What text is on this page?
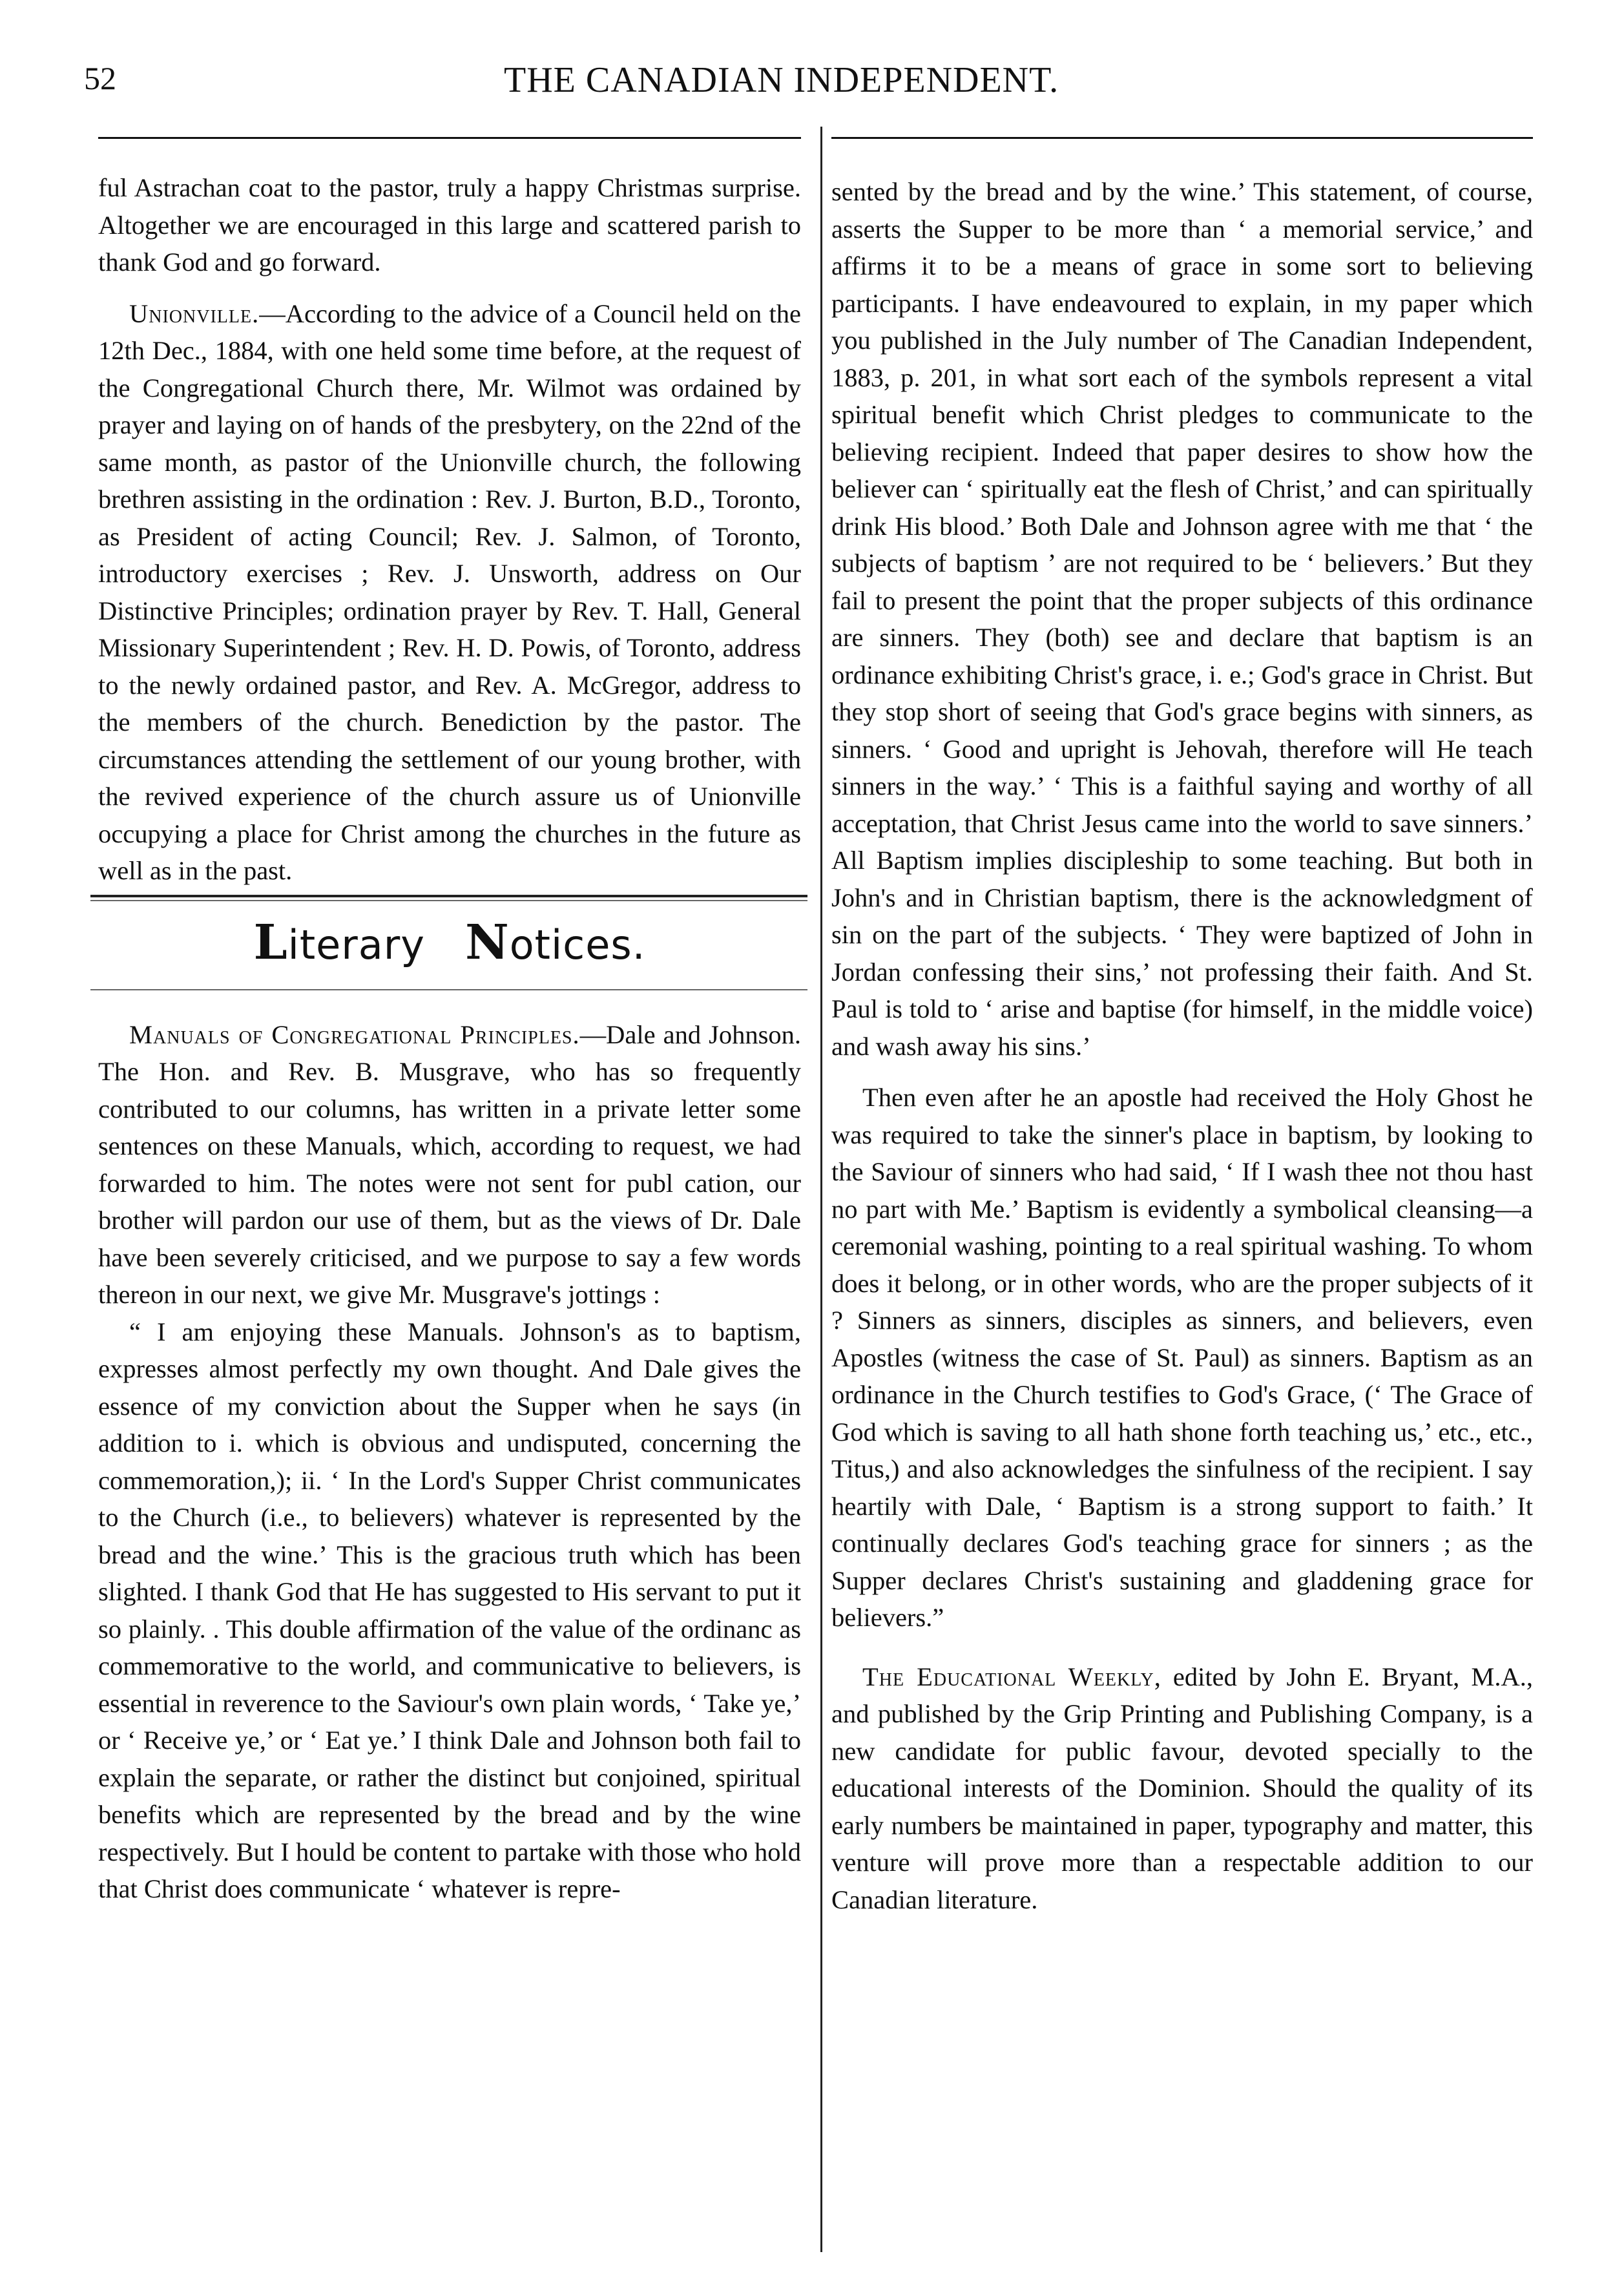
52	THE CANADIAN INDEPENDENT.

ful Astrachan coat to the pastor, truly a happy Christmas surprise. Altogether we are encouraged in this large and scattered parish to thank God and go forward.

Unionville.—According to the advice of a Council held on the 12th Dec., 1884, with one held some time before, at the request of the Congregational Church there, Mr. Wilmot was ordained by prayer and laying on of hands of the presbytery, on the 22nd of the same month, as pastor of the Unionville church, the following brethren assisting in the ordination : Rev. J. Burton, B.D., Toronto, as President of acting Council; Rev. J. Salmon, of Toronto, introductory exercises ; Rev. J. Unsworth, address on Our Distinctive Principles; ordination prayer by Rev. T. Hall, General Missionary Superintendent ; Rev. H. D. Powis, of Toronto, address to the newly ordained pastor, and Rev. A. McGregor, address to the members of the church. Benediction by the pastor. The circumstances attending the settlement of our young brother, with the revived experience of the church assure us of Unionville occupying a place for Christ among the churches in the future as well as in the past.

Literary Notices.

Manuals of Congregational Principles.—Dale and Johnson. The Hon. and Rev. B. Musgrave, who has so frequently contributed to our columns, has written in a private letter some sentences on these Manuals, which, according to request, we had forwarded to him. The notes were not sent for publ cation, our brother will pardon our use of them, but as the views of Dr. Dale have been severely criticised, and we purpose to say a few words thereon in our next, we give Mr. Musgrave's jottings :

“ I am enjoying these Manuals. Johnson's as to baptism, expresses almost perfectly my own thought. And Dale gives the essence of my conviction about the Supper when he says (in addition to i. which is obvious and undisputed, concerning the commemoration,); ii. ‘ In the Lord's Supper Christ communicates to the Church (i.e., to believers) whatever is represented by the bread and the wine.’ This is the gracious truth which has been slighted. I thank God that He has suggested to His servant to put it so plainly. . This double affirmation of the value of the ordinanc as commemorative to the world, and communicative to believers, is essential in reverence to the Saviour's own plain words, ‘ Take ye,’ or ‘ Receive ye,’ or ‘ Eat ye.’ I think Dale and Johnson both fail to explain the separate, or rather the distinct but conjoined, spiritual benefits which are represented by the bread and by the wine respectively. But I hould be content to partake with those who hold that Christ does communicate ‘ whatever is repre-

sented by the bread and by the wine.’ This statement, of course, asserts the Supper to be more than ‘ a memorial service,’ and affirms it to be a means of grace in some sort to believing participants. I have endeavoured to explain, in my paper which you published in the July number of The Canadian Independent, 1883, p. 201, in what sort each of the symbols represent a vital spiritual benefit which Christ pledges to communicate to the believing recipient. Indeed that paper desires to show how the believer can ‘ spiritually eat the flesh of Christ,’ and can spiritually drink His blood.’ Both Dale and Johnson agree with me that ‘ the subjects of baptism ’ are not required to be ‘ believers.’ But they fail to present the point that the proper subjects of this ordinance are sinners. They (both) see and declare that baptism is an ordinance exhibiting Christ's grace, i. e.; God's grace in Christ. But they stop short of seeing that God's grace begins with sinners, as sinners. ‘ Good and upright is Jehovah, therefore will He teach sinners in the way.’ ‘ This is a faithful saying and worthy of all acceptation, that Christ Jesus came into the world to save sinners.’ All Baptism implies discipleship to some teaching. But both in John's and in Christian baptism, there is the acknowledgment of sin on the part of the subjects. ‘ They were baptized of John in Jordan confessing their sins,’ not professing their faith. And St. Paul is told to ‘ arise and baptise (for himself, in the middle voice) and wash away his sins.’

Then even after he an apostle had received the Holy Ghost he was required to take the sinner's place in baptism, by looking to the Saviour of sinners who had said, ‘ If I wash thee not thou hast no part with Me.’ Baptism is evidently a symbolical cleansing—a ceremonial washing, pointing to a real spiritual washing. To whom does it belong, or in other words, who are the proper subjects of it ? Sinners as sinners, disciples as sinners, and believers, even Apostles (witness the case of St. Paul) as sinners. Baptism as an ordinance in the Church testifies to God's Grace, (‘ The Grace of God which is saving to all hath shone forth teaching us,’ etc., etc., Titus,) and also acknowledges the sinfulness of the recipient. I say heartily with Dale, ‘ Baptism is a strong support to faith.’ It continually declares God's teaching grace for sinners ; as the Supper declares Christ's sustaining and gladdening grace for believers.”

The Educational Weekly, edited by John E. Bryant, M.A., and published by the Grip Printing and Publishing Company, is a new candidate for public favour, devoted specially to the educational interests of the Dominion. Should the quality of its early numbers be maintained in paper, typography and matter, this venture will prove more than a respectable addition to our Canadian literature.
